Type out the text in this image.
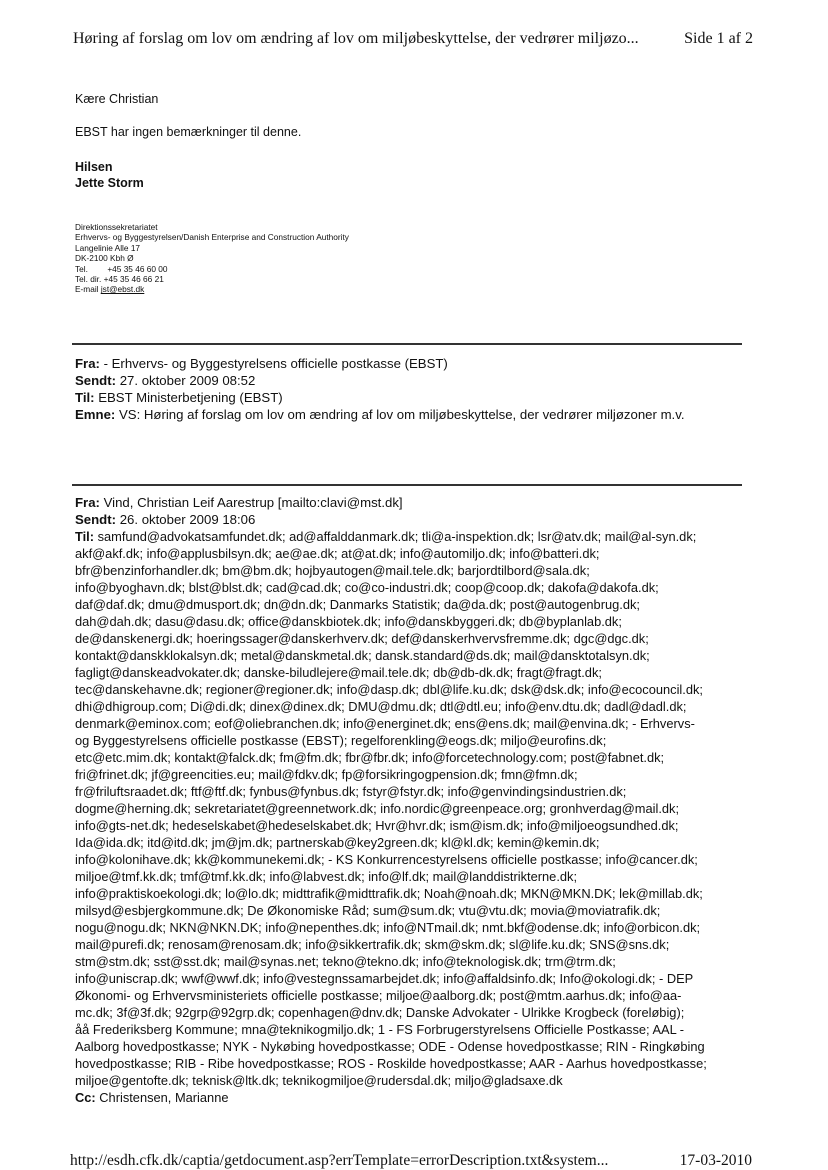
Høring af forslag om lov om ændring af lov om miljøbeskyttelse, der vedrører miljøzo...	Side 1 af 2
Kære Christian
EBST har ingen bemærkninger til denne.
Hilsen
Jette Storm
Direktionssekretariatet
Erhvervs- og Byggestyrelsen/Danish Enterprise and Construction Authority
Langelinie Alle 17
DK-2100 Kbh Ø
Tel. +45 35 46 60 00
Tel. dir. +45 35 46 66 21
E-mail jst@ebst.dk
Fra: - Erhvervs- og Byggestyrelsens officielle postkasse (EBST)
Sendt: 27. oktober 2009 08:52
Til: EBST Ministerbetjening (EBST)
Emne: VS: Høring af forslag om lov om ændring af lov om miljøbeskyttelse, der vedrører miljøzoner m.v.
Fra: Vind, Christian Leif Aarestrup [mailto:clavi@mst.dk]
Sendt: 26. oktober 2009 18:06
Til: samfund@advokatsamfundet.dk; ad@affalddanmark.dk; tli@a-inspektion.dk; lsr@atv.dk; mail@al-syn.dk;
akf@akf.dk; info@applusbilsyn.dk; ae@ae.dk; at@at.dk; info@automiljo.dk; info@batteri.dk;
bfr@benzinforhandler.dk; bm@bm.dk; hojbyautogen@mail.tele.dk; barjordtilbord@sala.dk;
info@byoghavn.dk; blst@blst.dk; cad@cad.dk; co@co-industri.dk; coop@coop.dk; dakofa@dakofa.dk;
daf@daf.dk; dmu@dmusport.dk; dn@dn.dk; Danmarks Statistik; da@da.dk; post@autogenbrug.dk;
dah@dah.dk; dasu@dasu.dk; office@danskbiotek.dk; info@danskbyggeri.dk; db@byplanlab.dk;
de@danskenergi.dk; hoeringssager@danskerhverv.dk; def@danskerhvervsfremme.dk; dgc@dgc.dk;
kontakt@danskklokalsyn.dk; metal@danskmetal.dk; dansk.standard@ds.dk; mail@dansktotalsyn.dk;
fagligt@danskeadvokater.dk; danske-biludlejere@mail.tele.dk; db@db-dk.dk; fragt@fragt.dk;
tec@danskehavne.dk; regioner@regioner.dk; info@dasp.dk; dbl@life.ku.dk; dsk@dsk.dk; info@ecocouncil.dk;
dhi@dhigroup.com; Di@di.dk; dinex@dinex.dk; DMU@dmu.dk; dtl@dtl.eu; info@env.dtu.dk; dadl@dadl.dk;
denmark@eminox.com; eof@oliebranchen.dk; info@energinet.dk; ens@ens.dk; mail@envina.dk; - Erhvervs-
og Byggestyrelsens officielle postkasse (EBST); regelforenkling@eogs.dk; miljo@eurofins.dk;
etc@etc.mim.dk; kontakt@falck.dk; fm@fm.dk; fbr@fbr.dk; info@forcetechnology.com; post@fabnet.dk;
fri@frinet.dk; jf@greencities.eu; mail@fdkv.dk; fp@forsikringogpension.dk; fmn@fmn.dk;
fr@friluftsraadet.dk; ftf@ftf.dk; fynbus@fynbus.dk; fstyr@fstyr.dk; info@genvindingsindustrien.dk;
dogme@herning.dk; sekretariatet@greennetwork.dk; info.nordic@greenpeace.org; gronhverdag@mail.dk;
info@gts-net.dk; hedeselskabet@hedeselskabet.dk; Hvr@hvr.dk; ism@ism.dk; info@miljoeogsundhed.dk;
Ida@ida.dk; itd@itd.dk; jm@jm.dk; partnerskab@key2green.dk; kl@kl.dk; kemin@kemin.dk;
info@kolonihave.dk; kk@kommunekemi.dk; - KS Konkurrencestyrelsens officielle postkasse; info@cancer.dk;
miljoe@tmf.kk.dk; tmf@tmf.kk.dk; info@labvest.dk; info@lf.dk; mail@landdistrikterne.dk;
info@praktiskoekologi.dk; lo@lo.dk; midttrafik@midttrafik.dk; Noah@noah.dk; MKN@MKN.DK; lek@millab.dk;
milsyd@esbjergkommune.dk; De Økonomiske Råd; sum@sum.dk; vtu@vtu.dk; movia@moviatrafik.dk;
nogu@nogu.dk; NKN@NKN.DK; info@nepenthes.dk; info@NTmail.dk; nmt.bkf@odense.dk; info@orbicon.dk;
mail@purefi.dk; renosam@renosam.dk; info@sikkertrafik.dk; skm@skm.dk; sl@life.ku.dk; SNS@sns.dk;
stm@stm.dk; sst@sst.dk; mail@synas.net; tekno@tekno.dk; info@teknologisk.dk; trm@trm.dk;
info@uniscrap.dk; wwf@wwf.dk; info@vestegnssamarbejdet.dk; info@affaldsinfo.dk; Info@okologi.dk; - DEP
Økonomi- og Erhvervsministeriets officielle postkasse; miljoe@aalborg.dk; post@mtm.aarhus.dk; info@aa-
mc.dk; 3f@3f.dk; 92grp@92grp.dk; copenhagen@dnv.dk; Danske Advokater - Ulrikke Krogbeck (foreløbig);
åå Frederiksberg Kommune; mna@teknikogmiljo.dk; 1 - FS Forbrugerstyrelsens Officielle Postkasse; AAL -
Aalborg hovedpostkasse; NYK - Nykøbing hovedpostkasse; ODE - Odense hovedpostkasse; RIN - Ringkøbing
hovedpostkasse; RIB - Ribe hovedpostkasse; ROS - Roskilde hovedpostkasse; AAR - Aarhus hovedpostkasse;
miljoe@gentofte.dk; teknisk@ltk.dk; teknikogmiljoe@rudersdal.dk; miljo@gladsaxe.dk
Cc: Christensen, Marianne
http://esdh.cfk.dk/captia/getdocument.asp?errTemplate=errorDescription.txt&system...	17-03-2010
